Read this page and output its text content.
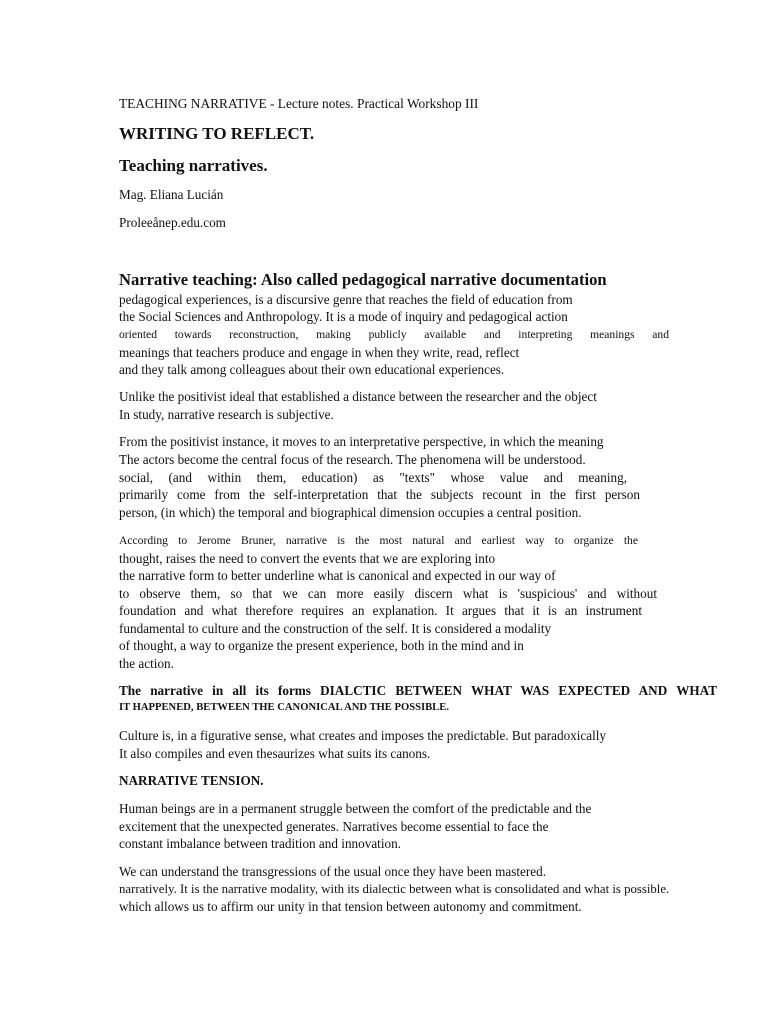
TEACHING NARRATIVE - Lecture notes. Practical Workshop III
WRITING TO REFLECT.
Teaching narratives.
Mag. Eliana Lucián
Proleeånep.edu.com
Narrative teaching: Also called pedagogical narrative documentation
pedagogical experiences, is a discursive genre that reaches the field of education from
the Social Sciences and Anthropology. It is a mode of inquiry and pedagogical action
oriented towards reconstruction, making publicly available and interpreting meanings and
meanings that teachers produce and engage in when they write, read, reflect
and they talk among colleagues about their own educational experiences.
Unlike the positivist ideal that established a distance between the researcher and the object
In study, narrative research is subjective.
From the positivist instance, it moves to an interpretative perspective, in which the meaning
The actors become the central focus of the research. The phenomena will be understood.
social, (and within them, education) as "texts" whose value and meaning,
primarily come from the self-interpretation that the subjects recount in the first person
person, (in which) the temporal and biographical dimension occupies a central position.
According to Jerome Bruner, narrative is the most natural and earliest way to organize the
thought, raises the need to convert the events that we are exploring into
the narrative form to better underline what is canonical and expected in our way of
to observe them, so that we can more easily discern what is 'suspicious' and without
foundation and what therefore requires an explanation. It argues that it is an instrument
fundamental to culture and the construction of the self. It is considered a modality
of thought, a way to organize the present experience, both in the mind and in
the action.
The narrative in all its forms DIALCTIC BETWEEN WHAT WAS EXPECTED AND WHAT
IT HAPPENED, BETWEEN THE CANONICAL AND THE POSSIBLE.
Culture is, in a figurative sense, what creates and imposes the predictable. But paradoxically
It also compiles and even thesaurizes what suits its canons.
NARRATIVE TENSION.
Human beings are in a permanent struggle between the comfort of the predictable and the
excitement that the unexpected generates. Narratives become essential to face the
constant imbalance between tradition and innovation.
We can understand the transgressions of the usual once they have been mastered.
narratively. It is the narrative modality, with its dialectic between what is consolidated and what is possible.
which allows us to affirm our unity in that tension between autonomy and commitment.
